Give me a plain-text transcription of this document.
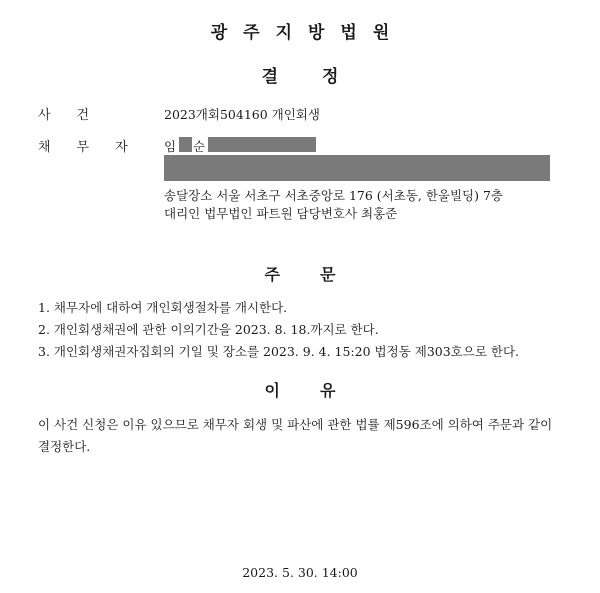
광주지방법원
결정
사건	2023개회504160 개인회생
채무자 임 순
송달장소 서울 서초구 서초중앙로 176 (서초동, 한울빌딩) 7층
대리인 법무법인 파트원 담당변호사 최홍준
주문
1. 채무자에 대하여 개인회생절차를 개시한다.
2. 개인회생채권에 관한 이의기간을 2023. 8. 18.까지로 한다.
3. 개인회생채권자집회의 기일 및 장소를 2023. 9. 4. 15:20 법정동 제303호으로 한다.
이유
이 사건 신청은 이유 있으므로 채무자 회생 및 파산에 관한 법률 제596조에 의하여 주문과 같이 결정한다.
2023. 5. 30. 14:00
